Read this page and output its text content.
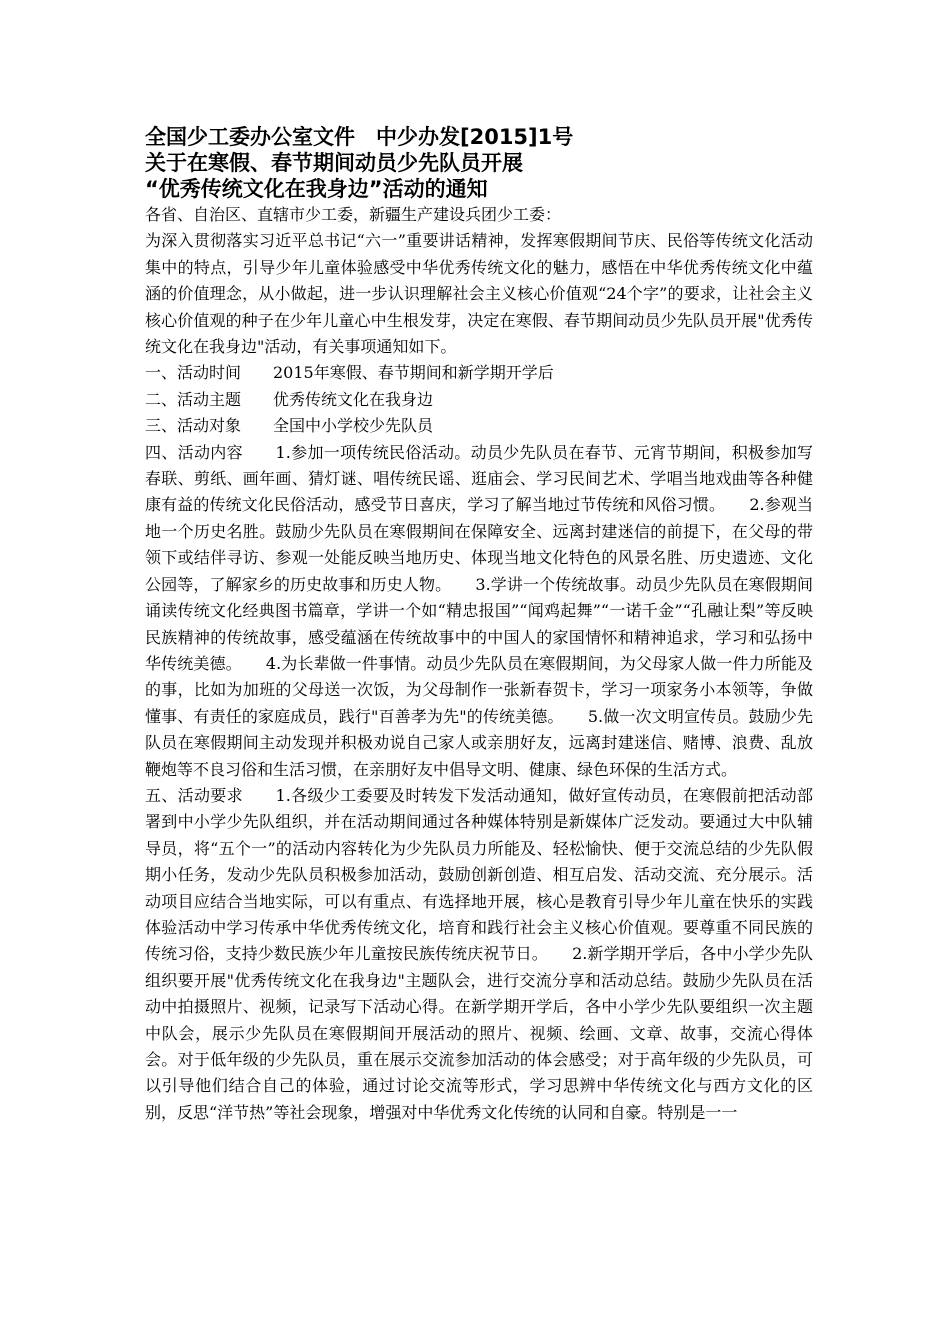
全国少工委办公室文件　中少办发[2015]1号
关于在寒假、春节期间动员少先队员开展
“优秀传统文化在我身边”活动的通知
各省、自治区、直辖市少工委，新疆生产建设兵团少工委：

为深入贯彻落实习近平总书记“六一”重要讲话精神，发挥寒假期间节庆、民俗等传统文化活动集中的特点，引导少年儿童体验感受中华优秀传统文化的魅力，感悟在中华优秀传统文化中蕴涵的价值理念，从小做起，进一步认识理解社会主义核心价值观“24个字”的要求，让社会主义核心价值观的种子在少年儿童心中生根发芽，决定在寒假、春节期间动员少先队员开展"优秀传统文化在我身边"活动，有关事项通知如下。

一、活动时间　　2015年寒假、春节期间和新学期开学后
二、活动主题　　优秀传统文化在我身边
三、活动对象　　全国中小学校少先队员

四、活动内容　　1.参加一项传统民俗活动。动员少先队员在春节、元宵节期间，积极参加写春联、剪纸、画年画、猜灯谜、唱传统民谣、逛庙会、学习民间艺术、学唱当地戏曲等各种健康有益的传统文化民俗活动，感受节日喜庆，学习了解当地过节传统和风俗习惯。　　2.参观当地一个历史名胜。鼓励少先队员在寒假期间在保障安全、远离封建迷信的前提下，在父母的带领下或结伴寻访、参观一处能反映当地历史、体现当地文化特色的风景名胜、历史遗迹、文化公园等，了解家乡的历史故事和历史人物。　　3.学讲一个传统故事。动员少先队员在寒假期间诵读传统文化经典图书篇章，学讲一个如“精忠报国”“闻鸡起舞”“一诺千金”“孔融让梨”等反映民族精神的传统故事，感受蕴涵在传统故事中的中国人的家国情怀和精神追求，学习和弘扬中华传统美德。　　4.为长辈做一件事情。动员少先队员在寒假期间，为父母家人做一件力所能及的事，比如为加班的父母送一次饭，为父母制作一张新春贺卡，学习一项家务小本领等，争做懂事、有责任的家庭成员，践行"百善孝为先"的传统美德。　　5.做一次文明宣传员。鼓励少先队员在寒假期间主动发现并积极劝说自己家人或亲朋好友，远离封建迷信、赌博、浪费、乱放鞭炮等不良习俗和生活习惯，在亲朋好友中倡导文明、健康、绿色环保的生活方式。

五、活动要求　　1.各级少工委要及时转发下发活动通知，做好宣传动员，在寒假前把活动部署到中小学少先队组织，并在活动期间通过各种媒体特别是新媒体广泛发动。要通过大中队辅导员，将“五个一”的活动内容转化为少先队员力所能及、轻松愉快、便于交流总结的少先队假期小任务，发动少先队员积极参加活动，鼓励创新创造、相互启发、活动交流、充分展示。活动项目应结合当地实际，可以有重点、有选择地开展，核心是教育引导少年儿童在快乐的实践体验活动中学习传承中华优秀传统文化，培育和践行社会主义核心价值观。要尊重不同民族的传统习俗，支持少数民族少年儿童按民族传统庆祝节日。　　2.新学期开学后，各中小学少先队组织要开展"优秀传统文化在我身边"主题队会，进行交流分享和活动总结。鼓励少先队员在活动中拍摄照片、视频，记录写下活动心得。在新学期开学后，各中小学少先队要组织一次主题中队会，展示少先队员在寒假期间开展活动的照片、视频、绘画、文章、故事，交流心得体会。对于低年级的少先队员，重在展示交流参加活动的体会感受；对于高年级的少先队员，可以引导他们结合自己的体验，通过讨论交流等形式，学习思辨中华传统文化与西方文化的区别，反思“洋节热”等社会现象，增强对中华优秀文化传统的认同和自豪。特别是一一
